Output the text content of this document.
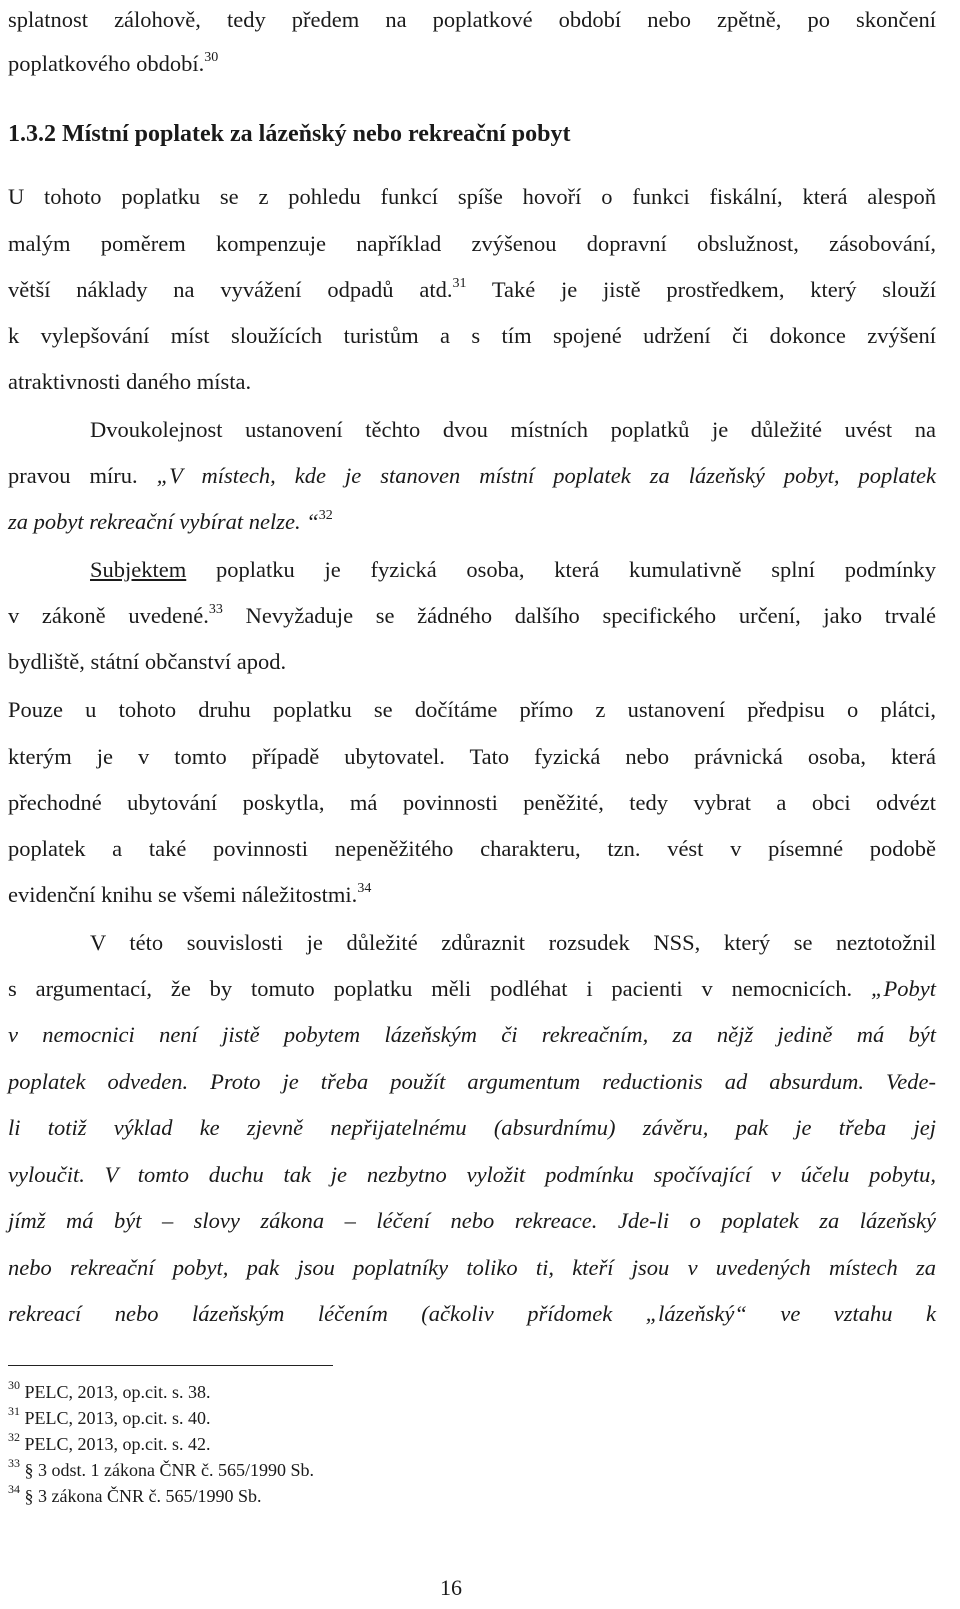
splatnost zálohově, tedy předem na poplatkové období nebo zpětně, po skončení
poplatkového období.$^{30}$
1.3.2 Místní poplatek za lázeňský nebo rekreační pobyt
U tohoto poplatku se z pohledu funkcí spíše hovoří o funkci fiskální, která alespoň
malým poměrem kompenzuje například zvýšenou dopravní obslužnost, zásobování,
větší náklady na vyvážení odpadů atd.$^{31}$ Také je jistě prostředkem, který slouží
k vylepšování míst sloužících turistům a s tím spojené udržení či dokonce zvýšení
atraktivnosti daného místa.
Dvoukolejnost ustanovení těchto dvou místních poplatků je důležité uvést na
pravou míru. „V místech, kde je stanoven místní poplatek za lázeňský pobyt, poplatek
za pobyt rekreační vybírat nelze. “$^{32}$
Subjektem poplatku je fyzická osoba, která kumulativně splní podmínky
v zákoně uvedené.$^{33}$ Nevyžaduje se žádného dalšího specifického určení, jako trvalé
bydliště, státní občanství apod.
Pouze u tohoto druhu poplatku se dočítáme přímo z ustanovení předpisu o plátci,
kterým je v tomto případě ubytovatel. Tato fyzická nebo právnická osoba, která
přechodné ubytování poskytla, má povinnosti peněžité, tedy vybrat a obci odvézt
poplatek a také povinnosti nepeněžitého charakteru, tzn. vést v písemné podobě
evidenční knihu se všemi náležitostmi.$^{34}$
V této souvislosti je důležité zdůraznit rozsudek NSS, který se neztotožnil
s argumentací, že by tomuto poplatku měli podléhat i pacienti v nemocnicích. „Pobyt
v nemocnici není jistě pobytem lázeňským či rekreačním, za nějž jedině má být
poplatek odveden. Proto je třeba použít argumentum reductionis ad absurdum. Vede-
li totiž výklad ke zjevně nepřijatelnému (absurdnímu) závěru, pak je třeba jej
vyloučit. V tomto duchu tak je nezbytno vyložit podmínku spočívající v účelu pobytu,
jímž má být – slovy zákona – léčení nebo rekreace. Jde-li o poplatek za lázeňský
nebo rekreační pobyt, pak jsou poplatníky toliko ti, kteří jsou v uvedených místech za
rekreací nebo lázeňským léčením (ačkoliv přídomek „lázeňský“ ve vztahu k
$^{30}$ PELC, 2013, op.cit. s. 38.
$^{31}$ PELC, 2013, op.cit. s. 40.
$^{32}$ PELC, 2013, op.cit. s. 42.
$^{33}$ § 3 odst. 1 zákona ČNR č. 565/1990 Sb.
$^{34}$ § 3 zákona ČNR č. 565/1990 Sb.
16
